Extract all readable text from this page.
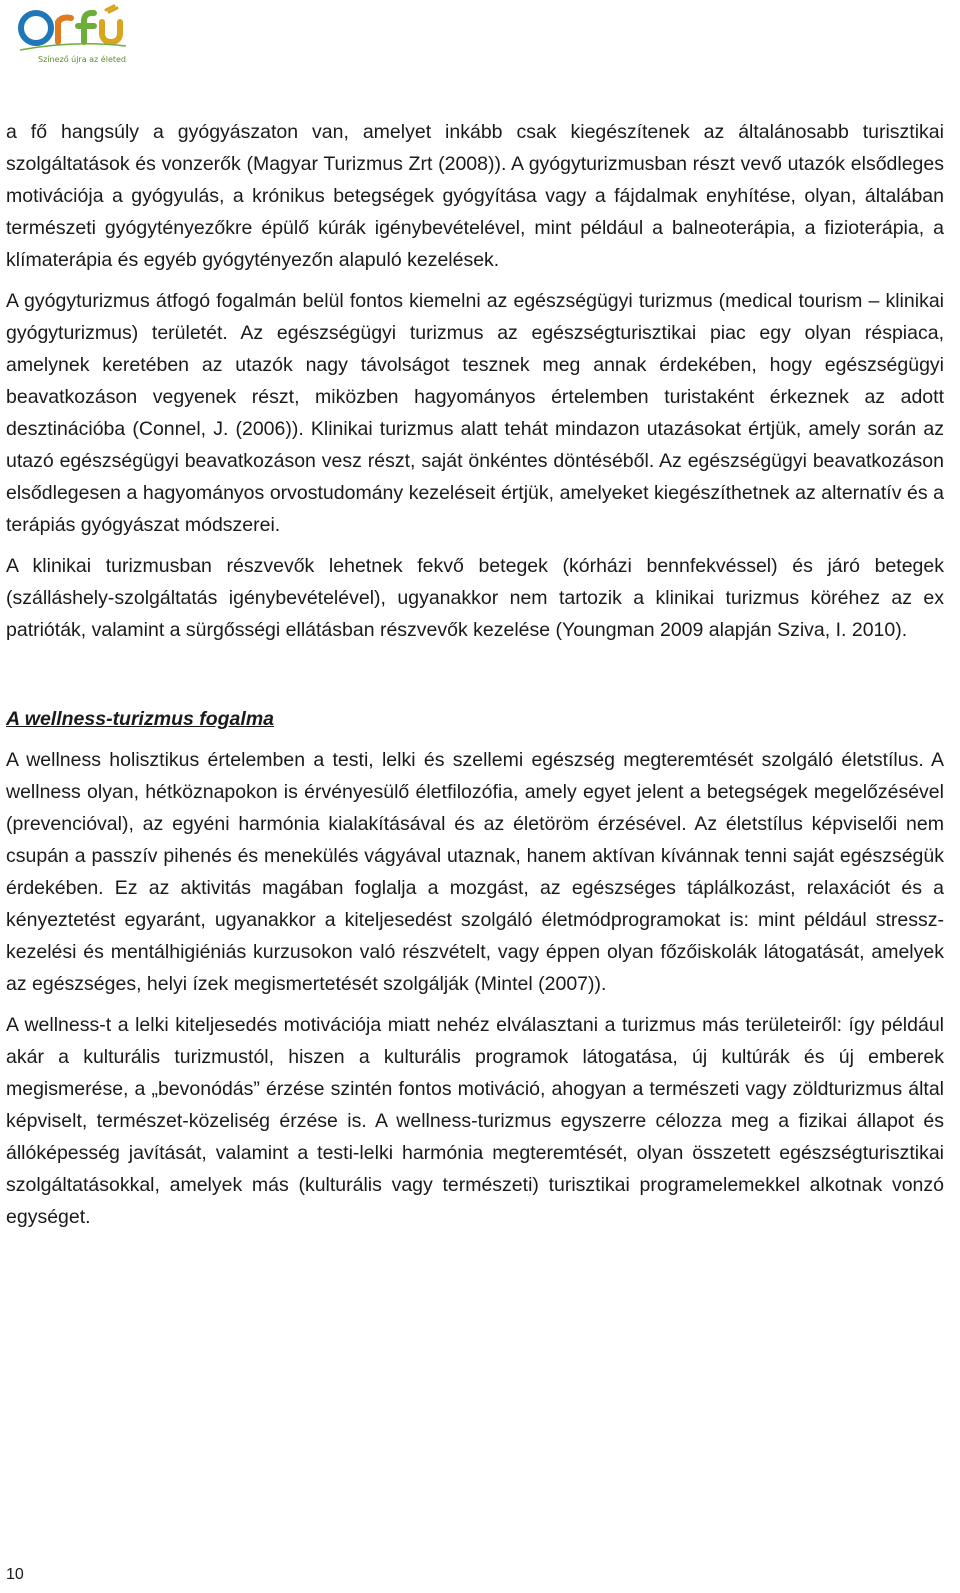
Színező újra az életed

a fő hangsúly a gyógyászaton van, amelyet inkább csak kiegészítenek az általánosabb turisztikai szolgáltatások és vonzerők (Magyar Turizmus Zrt (2008)). A gyógyturizmusban részt vevő utazók elsődleges motivációja a gyógyulás, a krónikus betegségek gyógyítása vagy a fájdalmak enyhítése, olyan, általában természeti gyógytényezőkre épülő kúrák igénybevételével, mint például a balneoterápia, a fizioterápia, a klímaterápia és egyéb gyógytényezőn alapuló kezelések.

A gyógyturizmus átfogó fogalmán belül fontos kiemelni az egészségügyi turizmus (medical tourism – klinikai gyógyturizmus) területét. Az egészségügyi turizmus az egészségturisztikai piac egy olyan réspiaca, amelynek keretében az utazók nagy távolságot tesznek meg annak érdekében, hogy egészségügyi beavatkozáson vegyenek részt, miközben hagyományos értelemben turistaként érkeznek az adott desztinációba (Connel, J. (2006)). Klinikai turizmus alatt tehát mindazon utazásokat értjük, amely során az utazó egészségügyi beavatkozáson vesz részt, saját önkéntes döntéséből. Az egészségügyi beavatkozáson elsődlegesen a hagyományos orvostudomány kezeléseit értjük, amelyeket kiegészíthetnek az alternatív és a terápiás gyógyászat módszerei.

A klinikai turizmusban részvevők lehetnek fekvő betegek (kórházi bennfekvéssel) és járó betegek (szálláshely-szolgáltatás igénybevételével), ugyanakkor nem tartozik a klinikai turizmus köréhez az ex patrióták, valamint a sürgősségi ellátásban részvevők kezelése (Youngman 2009 alapján Sziva, I. 2010).

A wellness-turizmus fogalma

A wellness holisztikus értelemben a testi, lelki és szellemi egészség megteremtését szolgáló életstílus. A wellness olyan, hétköznapokon is érvényesülő életfilozófia, amely egyet jelent a betegségek megelőzésével (prevencióval), az egyéni harmónia kialakításával és az életöröm érzésével. Az életstílus képviselői nem csupán a passzív pihenés és menekülés vágyával utaznak, hanem aktívan kívánnak tenni saját egészségük érdekében. Ez az aktivitás magában foglalja a mozgást, az egészséges táplálkozást, relaxációt és a kényeztetést egyaránt, ugyanakkor a kiteljesedést szolgáló életmódprogramokat is: mint például stressz-kezelési és mentálhigiéniás kurzusokon való részvételt, vagy éppen olyan főzőiskolák látogatását, amelyek az egészséges, helyi ízek megismertetését szolgálják (Mintel (2007)).

A wellness-t a lelki kiteljesedés motivációja miatt nehéz elválasztani a turizmus más területeiről: így például akár a kulturális turizmustól, hiszen a kulturális programok látogatása, új kultúrák és új emberek megismerése, a „bevonódás” érzése szintén fontos motiváció, ahogyan a természeti vagy zöldturizmus által képviselt, természet-közeliség érzése is. A wellness-turizmus egyszerre célozza meg a fizikai állapot és állóképesség javítását, valamint a testi-lelki harmónia megteremtését, olyan összetett egészségturisztikai szolgáltatásokkal, amelyek más (kulturális vagy természeti) turisztikai programelemekkel alkotnak vonzó egységet.

10
